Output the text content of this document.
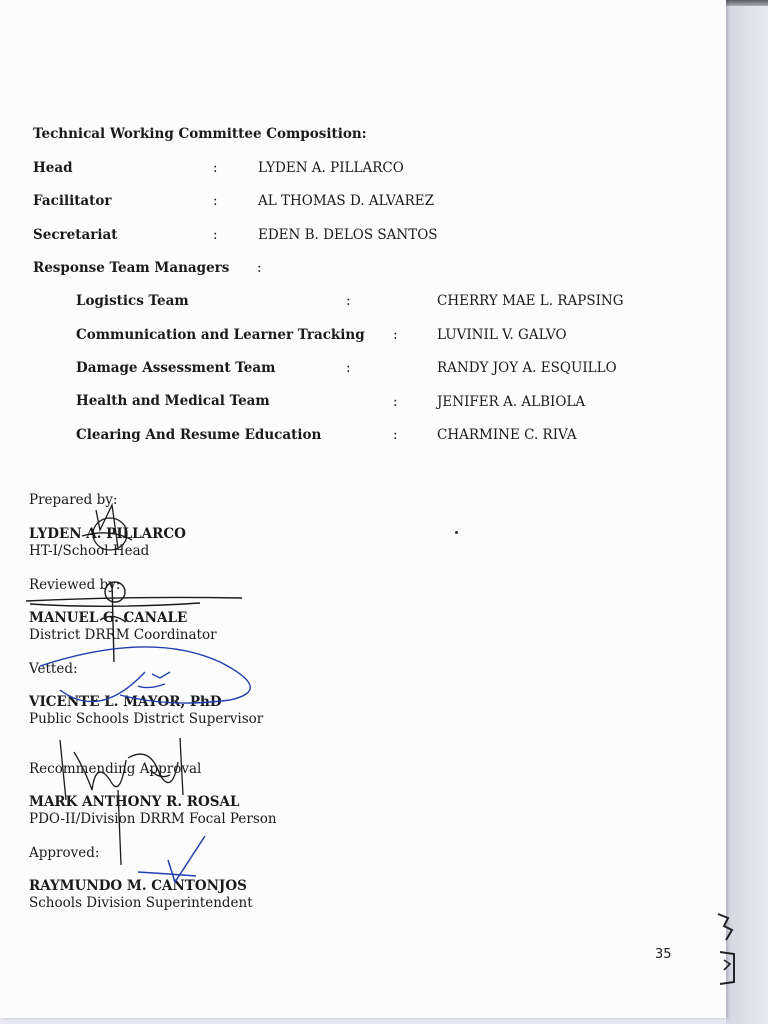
Technical Working Committee Composition:
Head	:	LYDEN A. PILLARCO
Facilitator	:	AL THOMAS D. ALVAREZ
Secretariat	:	EDEN B. DELOS SANTOS
Response Team Managers :
Logistics Team	:	CHERRY MAE L. RAPSING
Communication and Learner Tracking :	LUVINIL V. GALVO
Damage Assessment Team	:	RANDY JOY A. ESQUILLO
Health and Medical Team	:	JENIFER A. ALBIOLA
Clearing And Resume Education	:	CHARMINE C. RIVA
Prepared by:
LYDEN A. PILLARCO
HT-I/School Head
Reviewed by:
MANUEL G. CANALE
District DRRM Coordinator
Vetted:
VICENTE L. MAYOR, PhD
Public Schools District Supervisor
Recommending Approval
MARK ANTHONY R. ROSAL
PDO-II/Division DRRM Focal Person
Approved:
RAYMUNDO M. CANTONJOS
Schools Division Superintendent
35
